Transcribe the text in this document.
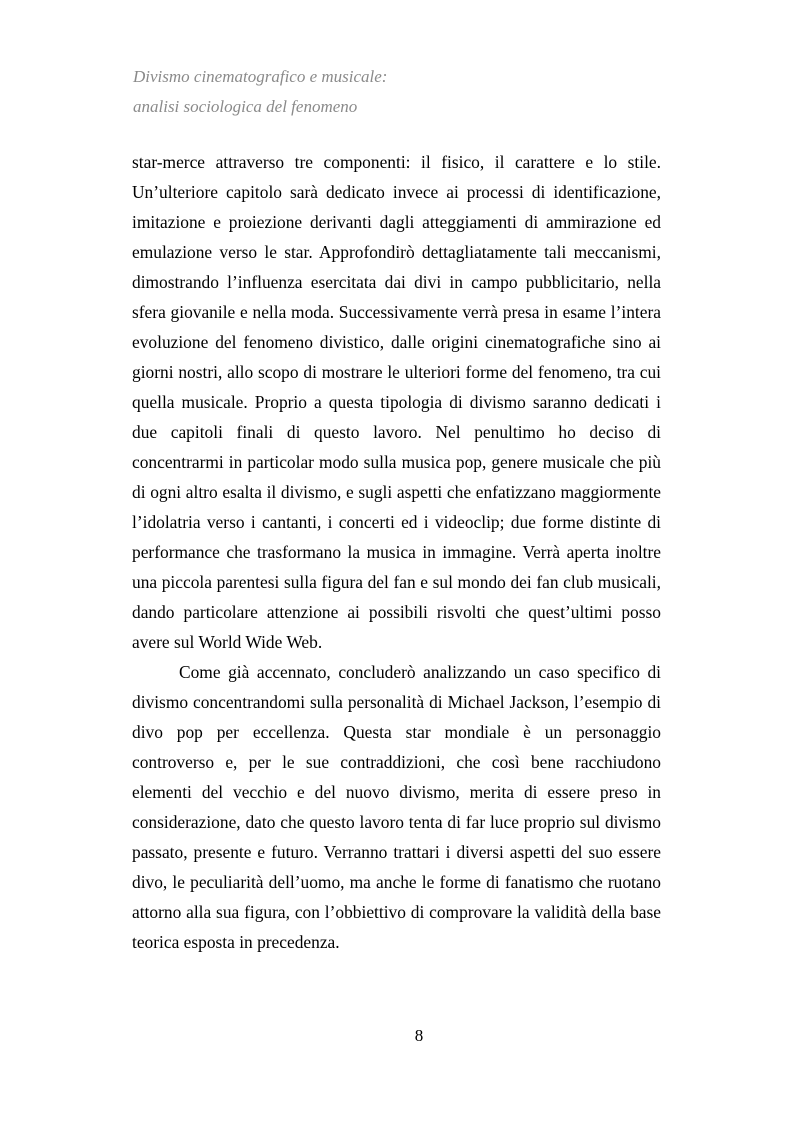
Divismo cinematografico e musicale:
analisi sociologica del fenomeno

star-merce attraverso tre componenti: il fisico, il carattere e lo stile. Un’ulteriore capitolo sarà dedicato invece ai processi di identificazione, imitazione e proiezione derivanti dagli atteggiamenti di ammirazione ed emulazione verso le star. Approfondirò dettagliatamente tali meccanismi, dimostrando l’influenza esercitata dai divi in campo pubblicitario, nella sfera giovanile e nella moda. Successivamente verrà presa in esame l’intera evoluzione del fenomeno divistico, dalle origini cinematografiche sino ai giorni nostri, allo scopo di mostrare le ulteriori forme del fenomeno, tra cui quella musicale. Proprio a questa tipologia di divismo saranno dedicati i due capitoli finali di questo lavoro. Nel penultimo ho deciso di concentrarmi in particolar modo sulla musica pop, genere musicale che più di ogni altro esalta il divismo, e sugli aspetti che enfatizzano maggiormente l’idolatria verso i cantanti, i concerti ed i videoclip; due forme distinte di performance che trasformano la musica in immagine. Verrà aperta inoltre una piccola parentesi sulla figura del fan e sul mondo dei fan club musicali, dando particolare attenzione ai possibili risvolti che quest’ultimi posso avere sul World Wide Web.

Come già accennato, concluderò analizzando un caso specifico di divismo concentrandomi sulla personalità di Michael Jackson, l’esempio di divo pop per eccellenza. Questa star mondiale è un personaggio controverso e, per le sue contraddizioni, che così bene racchiudono elementi del vecchio e del nuovo divismo, merita di essere preso in considerazione, dato che questo lavoro tenta di far luce proprio sul divismo passato, presente e futuro. Verranno trattari i diversi aspetti del suo essere divo, le peculiarità dell’uomo, ma anche le forme di fanatismo che ruotano attorno alla sua figura, con l’obbiettivo di comprovare la validità della base teorica esposta in precedenza.

8
